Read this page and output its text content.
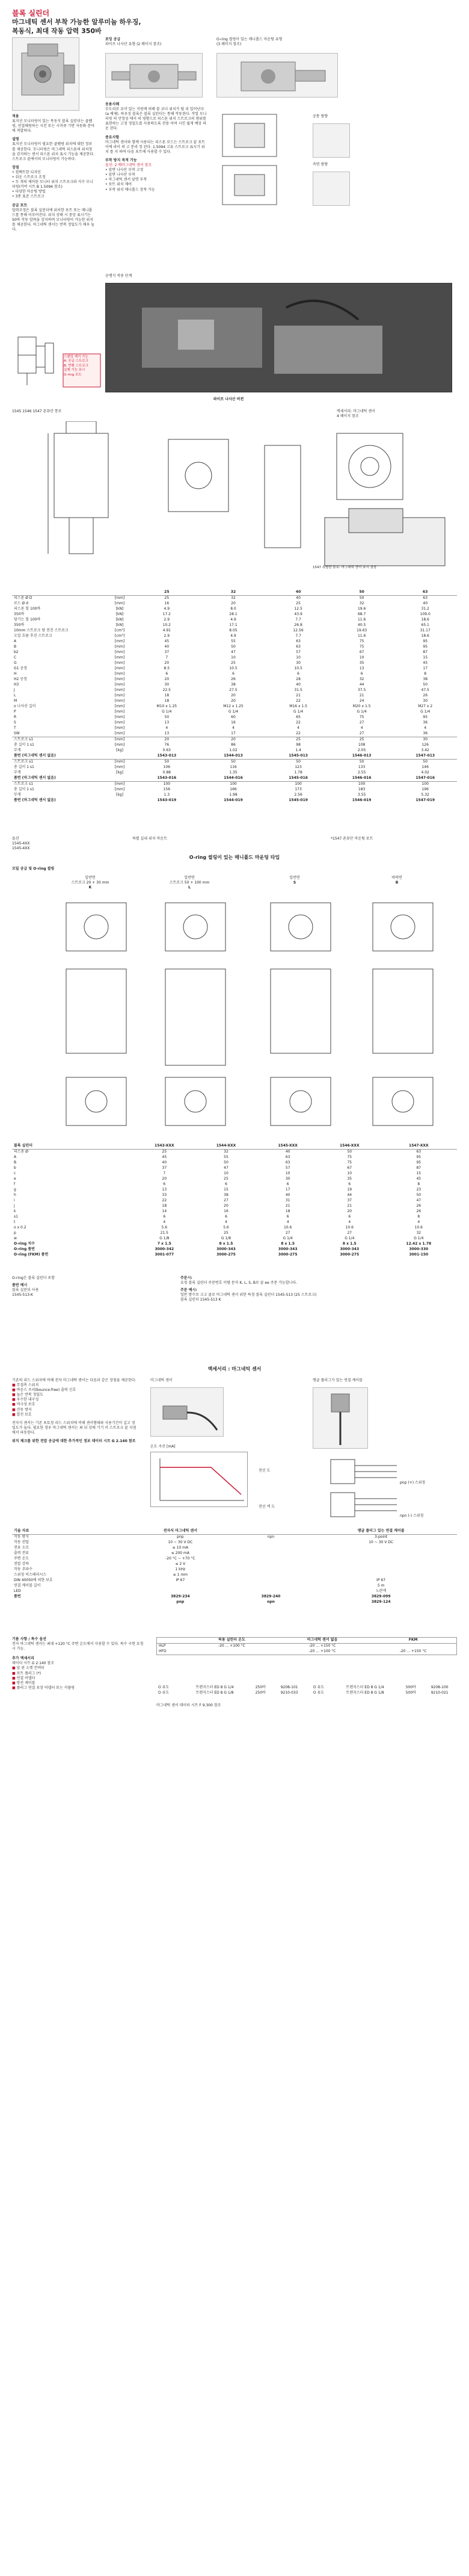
블록 실린더
마그네틱 센서 부착 가능한 알루미늄 하우징,
복동식, 최대 작동 압력 350바
적용
표지션 모니터링이 있는 목동식 블록 실린더는 클램핑, 연결해원하는 시킨 또는 시미큐 기반 자동화 분야에 적합하다.
설명
표지션 모니터링이 필요한 클램핑 위치에 대한 정보를 제공한다. 모니터링은 마그네틱 피스톤의 위치정을 감지하는 센서 피스톤 위치 표시 기능을 제공한다. 스트로크 끝에서의 모니터링이 가능하다.
장점
• 컴팩트한 디자인
• 쉬운 스트로크 조정
• 두 개의 제어된 모니터 위치 스트로크와 지수 모니터링(커버 시트 B 1.5094 참조)
• 다양한 마운팅 방법
• 3종 표준 스트로크
공급 포트
압력조정은 블록 실린더에 위치한 포트 또는 매니폴드를 통해 이루어진다. 위치 상태 시 중앙 표시기는 50바 작동 압력을 감지하며 모니터링이 가능한 위치를 제공한다. 마그네틱 센서는 반복 정밀도가 매우 높다.
스탠딩 제거 가능
A: 공급 스트로크
B: 반환 스트로크
실행 기능 표시
O-ring 포트
포밍 공급
파이프 나사산 유형 (2 페이지 참조)
O-ring 씰링이 있는 매니폴드 마운팅 유형
(3 페이지 참조)
응용사례
부도리로 요약 있는 지원에 의해 블 코너 위치가 될 리 일어난다 (a 예재). 하우징 블록은 블록 실린더는 통해 작동된다. 작업 모니터링 의 안정성 에서 의 영향으로 피스톤 위치 스트로크의 범위를 표현하는 고정 정밀도를 사용하도록 전용 이며 시킨 쉽게 예상 의 운 된다.
중요사항
마그네틱 센서와 함께 사용되는 피스톤 로드는 스트로크 끝 포트 이에 라이 의 고 분리 정 된다. 1.5094 고유 스트로크 표시기 위치 를 지 하여 다음 포트에 사용할 수 있다.
부착 방지 목적 가능
옵션: 2 배마그네틱 센서 참조
• 앞면 나사산 부착 고정
• 앞면 나사산 부착
• 마그네틱 센서 앞면 부착
• 포트 위치 제어
• 부착 위치 매니폴드 장착 가능
공통 방향
측면 방향
공랭식 적용 단계
파이프 나사산 버전
1545 1546 1547 폰뮤안 통로	액세서리: 마그네틱 센서
4 페이지 참조
1547 특별한 통로: 마그네틱 센서 표시 권장
		25	32	40	50	63
피스톤 Ø D	[mm]	25	32	40	50	63
로드 Ø d	[mm]	16	20	25	32	40
피스톤 힘 100바	[kN]	4.9	8.0	12.5	19.6	31.2
350바	[kN]	17.2	28.1	43.9	68.7	109.0
당기는 힘 100바	[kN]	2.9	4.9	7.7	11.6	18.6
350바	[kN]	10.2	17.1	26.8	40.5	65.1
10mm 스트로크 당 전진 스트로크	[cm³]	4.91	8.05	12.56	19.63	31.17
오일 흐름 후진 스트로크	[cm³]	2.9	4.9	7.7	11.6	18.6
A	[mm]	45	55	63	75	95
B	[mm]	40	50	63	75	95
b2	[mm]	37	47	57	67	87
C	[mm]	7	10	10	10	15
G	[mm]	20	25	30	35	45
G1 공정	[mm]	8.5	10.5	10.5	13	17
H	[mm]	6	6	6	6	8
H2 공정	[mm]	20	26	28	32	38
H3	[mm]	30	38	40	44	50
J	[mm]	22.5	27.5	31.5	37.5	47.5
L	[mm]	18	20	21	21	26
M	[mm]	18	20	22	24	30
o 나사산 길이	[mm]	M10 x 1.25	M12 x 1.25	M16 x 1.5	M20 x 1.5	M27 x 2
P	[mm]	G 1/4	G 1/4	G 1/4	G 1/4	G 1/4
R	[mm]	50	60	65	75	95
S	[mm]	13	16	22	27	36
T	[mm]	4	4	4	4	4
SW	[mm]	13	17	22	27	36
스트로크 s1	[mm]	20	20	25	25	30
총 길이 1 s1	[mm]	76	86	98	108	126
무게	[kg]	0.63	1.02	1.4	2.05	3.42
품번 (마그네틱 센서 없음)		1543-013	1544-013	1545-013	1546-013	1547-013
스트로크 s1	[mm]	50	50	50	50	50
총 길이 1 s1	[mm]	106	116	123	133	146
무게	[kg]	0.88	1.35	1.78	2.55	4.02
품번 (마그네틱 센서 없음)		1543-016	1544-016	1545-016	1546-016	1547-016
스트로크 s1	[mm]	100	100	100	100	100
총 길이 1 s1	[mm]	156	166	173	183	196
무게	[kg]	1.3	1.98	2.56	3.55	5.32
품번 (마그네틱 센서 없음)		1543-019	1544-019	1545-019	1546-019	1547-019
옵션
1545-4XX
1545-4XX
특별 실내 위치 마운트	*1547 폰뮤안 마운팅 포트
O-ring 씰링이 있는 매니폴드 마운팅 타입
모밀 공급 및 O-ring 씰링
일반면
스트로크 20 + 30 mm
K
일반면
스트로크 50 + 100 mm
L
일반면
S
바닥면
B
블록 실린더		1543-XXX	1544-XXX	1545-XXX	1546-XXX	1547-XXX
피스톤 Ø		25	32	40	50	63
A		45	55	63	75	95
B		40	50	63	75	95
b		37	47	57	67	87
c		7	10	10	10	15
e		20	25	30	35	45
f		6	6	6	6	8
g		13	15	17	19	23
h		33	38	40	44	50
i		22	27	31	37	47
j		18	20	21	21	26
k		14	16	18	20	26
s1		6	6	6	6	8
t		4	4	4	4	4
o x 0.2		5.6	5.6	10.6	10.6	10.6
p		21.5	25	27	27	32
w		G 1/8	G 1/8	G 1/4	G 1/4	G 1/4
O-ring 치수		7 x 1.5	8 x 1.5	8 x 1.5	8 x 1.5	12.42 x 1.78
O-ring 품번		3000-342	3000-343	3000-343	3000-343	3000-330
O-ring (FKM) 품번		3001-077	3000-275	3000-275	3000-275	3001-150
O-ring은 블록 실린더 포함
품번 예시
블록 실린더 사용
1545-513-K
주문시:
요청 블록 실린더 주문번호 이템 문자 K, L, S, B로 끝 ee 주문 가능합니다.
주문 예시:
일반 방수로 크고 클로 마그네틱 센서 위한 특정 블록 실린더 1545-513 (25 스트로크)
블록 실린더 1545-513 K
액세서리 : 마그네틱 센서
기존의 리드 스위치에 비해 전자 마그네틱 센서는 다음과 같은 장점을 제공한다.
■ 무접촉 스위치
■ 바운스 프리(bounce-free) 출력 신호
■ 높은 반복 정밀도
■ 우수한 내구성
■ 역극성 보호
■ 진동 방지
■ 합선 보호
전자식 센서는 기존 포토칭 리드 스위치에 비해 센서형태와 사용기간이 길고 정밀도가 높다. 필요한 경우 마그네틱 센서는 최 뒤 상태 기기 이 스트로크 끝 지점에서 파동한다.
위치 체크를 위한 전압 공급에 대한 추가적인 정보 데이터 시트 G 2.140 참조
마그네틱 센서	앵글 플러그가 있는 연결 케이블
온도 곡선 [mA]
pnp (+) 스위칭
npn (-) 스위칭
전선 도
전선 색 도
기술 자료	전자식 마그네틱 센서		앵글 플러그 있는 연결 케이블
작동 방식	pnp	npn	3-point
작동 전압	10 ~ 30 V DC		10 ~ 30 V DC
전류 소모	≤ 10 mA		
출력 전류	≤ 200 mA		
주변 온도	-20 °C ~ +70 °C		
전압 강하	≤ 2 V		
작동 주파수	1 kHz		
스위칭 히스테리시스	≤ 1 mm		
DIN 40050에 의한 보호	IP 67		IP 67
연결 케이블 길이			5 m
LED			노란색
품번	3829-234	3829-240	3829-099
	pnp	npn	3829-124
기름 사항 / 특수 옵션
전자 마그네틱 센서는 최대 +120 °C 주변 온도에서 사용할 수 있다. 특수 구현 요청 시 가능.
추가 액세서리
데이터 시트 G 2.140 참조
■ 앞 핀 소켓 컨넥터
■ 포트 플러그 (*)
■ 연결 어댑터
■ 방진 케이블
■ 플러그 연결 포장 어댑터 또는 커플링
	허용 실린더 온도	마그네틱 센서 없음	FKM
HLP	-20 ... +100 °C	-20 ... +150 °C	
HFD		-20 ... +100 °C	-20 ... +150 °C
O 유도	트랜지스터 ED 8 G 1/4	250바	9208-101	O 유도	트랜지스터 ED 8 G 1/4	500바	9208-100
O 유도	트랜지스터 ED 8 G 1/8	250바	9210-033	O 유도	트랜지스터 ED 8 G 1/8	500바	9210-021
마그네틱 센서 데이터 시트 F 9.300 참조
